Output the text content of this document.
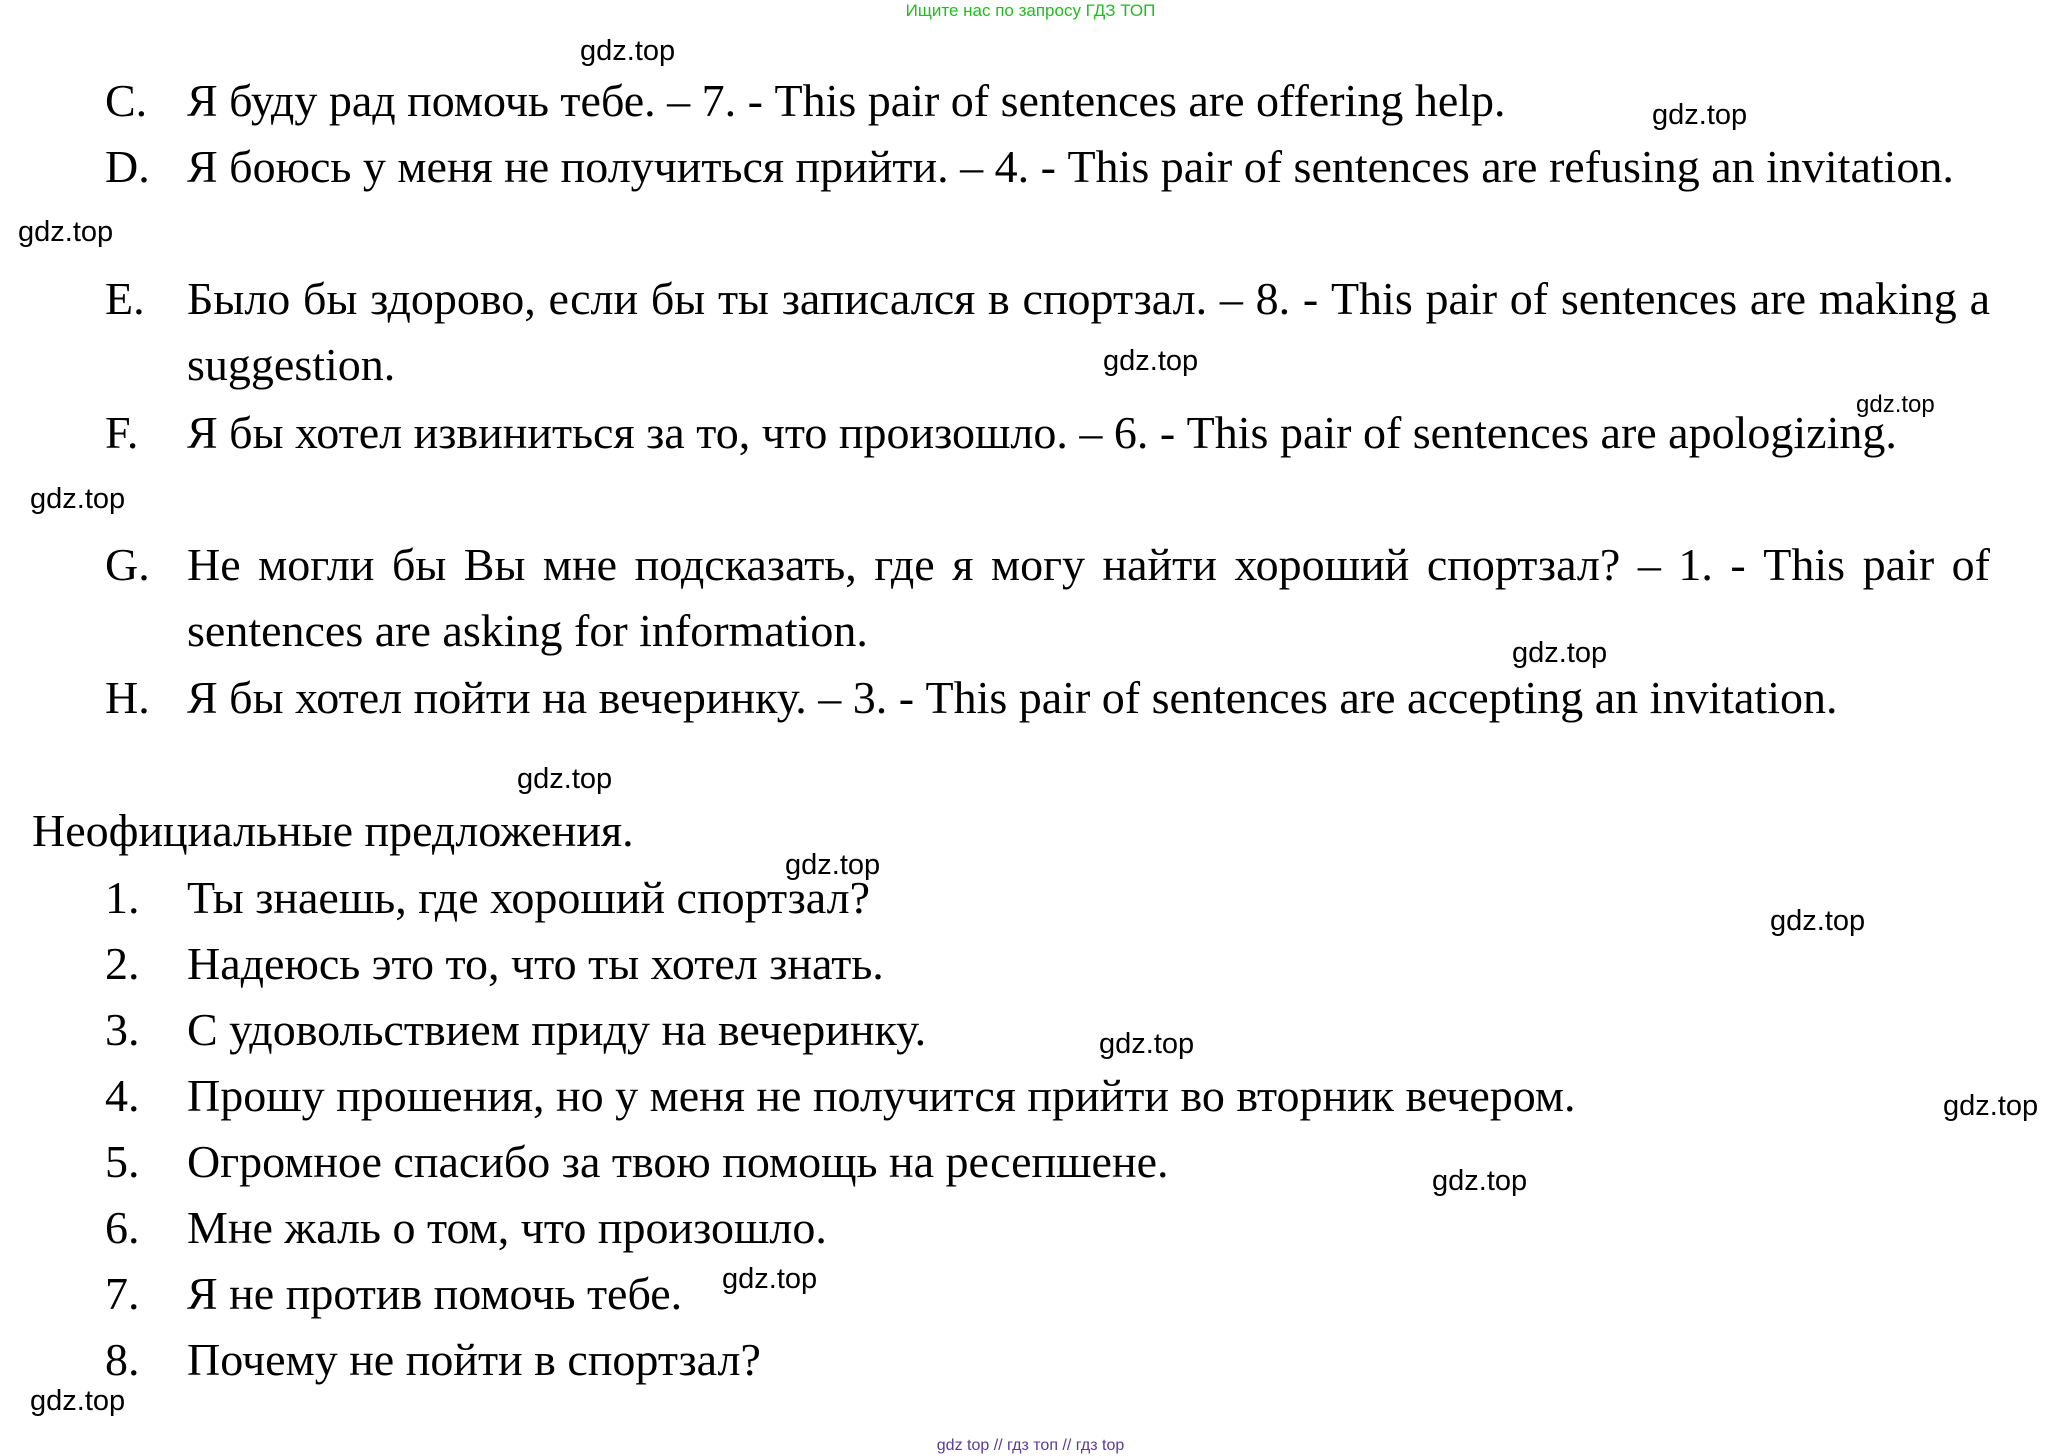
Ищите нас по запросу ГДЗ ТОП
C. Я буду рад помочь тебе. – 7. - This pair of sentences are offering help.
D. Я боюсь у меня не получиться прийти. – 4. - This pair of sentences are refusing an invitation.
E. Было бы здорово, если бы ты записался в спортзал. – 8. - This pair of sentences are making a suggestion.
F. Я бы хотел извиниться за то, что произошло. – 6. - This pair of sentences are apologizing.
G. Не могли бы Вы мне подсказать, где я могу найти хороший спортзал? – 1. - This pair of sentences are asking for information.
H. Я бы хотел пойти на вечеринку. – 3. - This pair of sentences are accepting an invitation.
Неофициальные предложения.
1. Ты знаешь, где хороший спортзал?
2. Надеюсь это то, что ты хотел знать.
3. С удовольствием приду на вечеринку.
4. Прошу прошения, но у меня не получится прийти во вторник вечером.
5. Огромное спасибо за твою помощь на ресепшене.
6. Мне жаль о том, что произошло.
7. Я не против помочь тебе.
8. Почему не пойти в спортзал?
gdz.top
gdz.top
gdz.top
gdz.top
gdz.top
gdz.top
gdz.top
gdz.top
gdz.top
gdz.top
gdz.top
gdz.top
gdz.top
gdz.top
gdz.top
gdz top // гдз топ // гдз top
